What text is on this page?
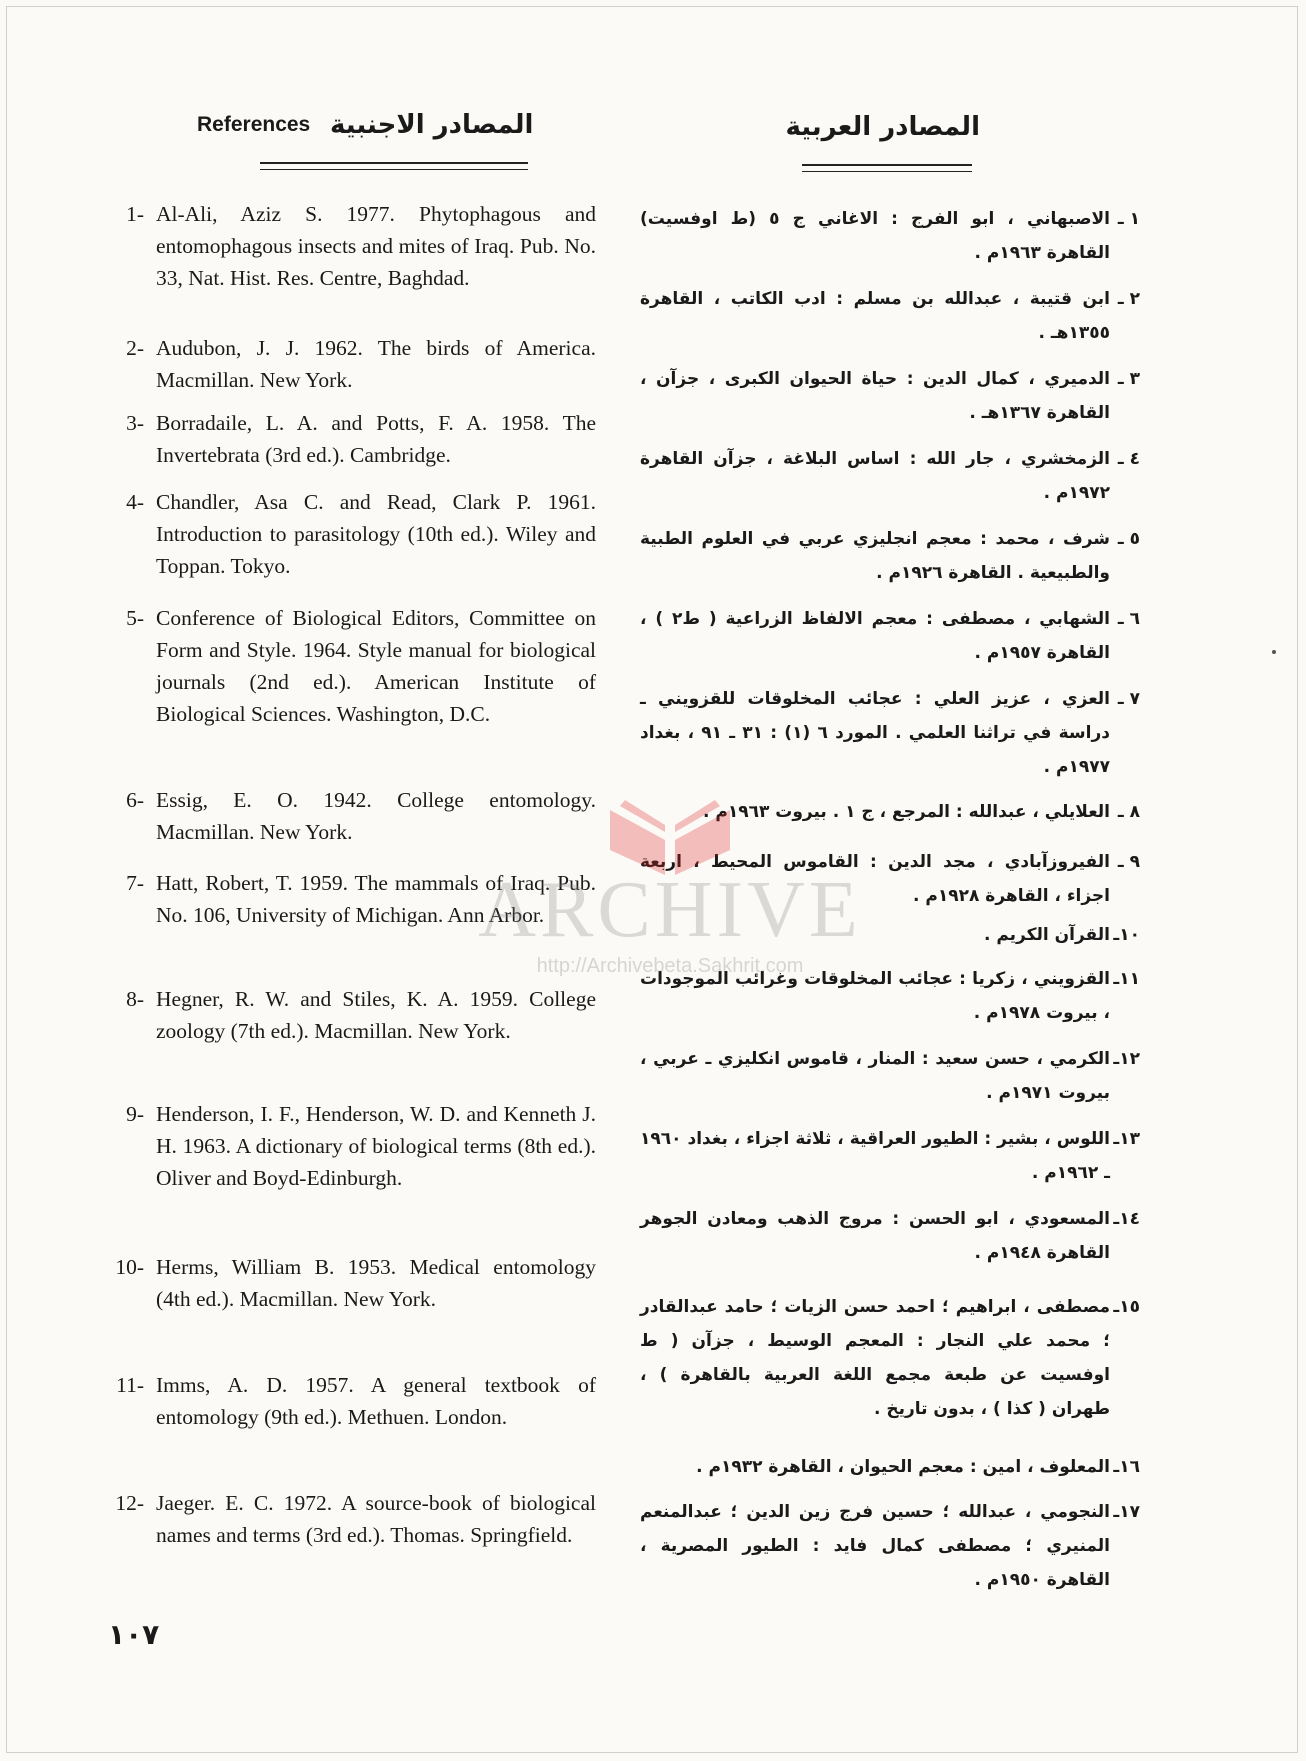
References المصادر الاجنبية	المصادر العربية
1- Al-Ali, Aziz S. 1977. Phytophagous and entomophagous insects and mites of Iraq. Pub. No. 33, Nat. Hist. Res. Centre, Baghdad.
2- Audubon, J. J. 1962. The birds of America. Macmillan. New York.
3- Borradaile, L. A. and Potts, F. A. 1958. The Invertebrata (3rd ed.). Cambridge.
4- Chandler, Asa C. and Read, Clark P. 1961. Introduction to parasitology (10th ed.). Wiley and Toppan. Tokyo.
5- Conference of Biological Editors, Committee on Form and Style. 1964. Style manual for biological journals (2nd ed.). American Institute of Biological Sciences. Washington, D.C.
6- Essig, E. O. 1942. College entomology. Macmillan. New York.
7- Hatt, Robert, T. 1959. The mammals of Iraq. Pub. No. 106, University of Michigan. Ann Arbor.
8- Hegner, R. W. and Stiles, K. A. 1959. College zoology (7th ed.). Macmillan. New York.
9- Henderson, I. F., Henderson, W. D. and Kenneth J. H. 1963. A dictionary of biological terms (8th ed.). Oliver and Boyd-Edinburgh.
10- Herms, William B. 1953. Medical entomology (4th ed.). Macmillan. New York.
11- Imms, A. D. 1957. A general textbook of entomology (9th ed.). Methuen. London.
12- Jaeger. E. C. 1972. A source-book of biological names and terms (3rd ed.). Thomas. Springfield.
١ ـ
الاصبهاني ، ابو الفرج : الاغاني ج ٥ (ط اوفسيت) القاهرة ١٩٦٣م .
٢ ـ
ابن قتيبة ، عبدالله بن مسلم : ادب الكاتب ، القاهرة ١٣٥٥هـ .
٣ ـ
الدميري ، كمال الدين : حياة الحيوان الكبرى ، جزآن ، القاهرة ١٣٦٧هـ .
٤ ـ
الزمخشري ، جار الله : اساس البلاغة ، جزآن القاهرة ١٩٧٢م .
٥ ـ
شرف ، محمد : معجم انجليزي عربي في العلوم الطبية والطبيعية . القاهرة ١٩٢٦م .
٦ ـ
الشهابي ، مصطفى : معجم الالفاظ الزراعية ( ط٢ ) ، القاهرة ١٩٥٧م .
٧ ـ
العزي ، عزيز العلي : عجائب المخلوقات للقزويني ـ دراسة في تراثنا العلمي . المورد ٦ (١) : ٣١ ـ ٩١ ، بغداد ١٩٧٧م .
٨ ـ
العلايلي ، عبدالله : المرجع ، ج ١ . بيروت ١٩٦٣م .
٩ ـ
الفيروزآبادي ، مجد الدين : القاموس المحيط ، اربعة اجزاء ، القاهرة ١٩٢٨م .
١٠ـ
القرآن الكريم .
١١ـ
القزويني ، زكريا : عجائب المخلوقات وغرائب الموجودات ، بيروت ١٩٧٨م .
١٢ـ
الكرمي ، حسن سعيد : المنار ، قاموس انكليزي ـ عربي ، بيروت ١٩٧١م .
١٣ـ
اللوس ، بشير : الطيور العراقية ، ثلاثة اجزاء ، بغداد ١٩٦٠ ـ ١٩٦٢م .
١٤ـ
المسعودي ، ابو الحسن : مروج الذهب ومعادن الجوهر القاهرة ١٩٤٨م .
١٥ـ
مصطفى ، ابراهيم ؛ احمد حسن الزيات ؛ حامد عبدالقادر ؛ محمد علي النجار : المعجم الوسيط ، جزآن ( ط اوفسيت عن طبعة مجمع اللغة العربية بالقاهرة ) ، طهران ( كذا ) ، بدون تاريخ .
١٦ـ
المعلوف ، امين : معجم الحيوان ، القاهرة ١٩٣٢م .
١٧ـ
النجومي ، عبدالله ؛ حسين فرج زين الدين ؛ عبدالمنعم المنيري ؛ مصطفى كمال فايد : الطيور المصرية ، القاهرة ١٩٥٠م .
ARCHIVE
http://Archivebeta.Sakhrit.com
١٠٧
